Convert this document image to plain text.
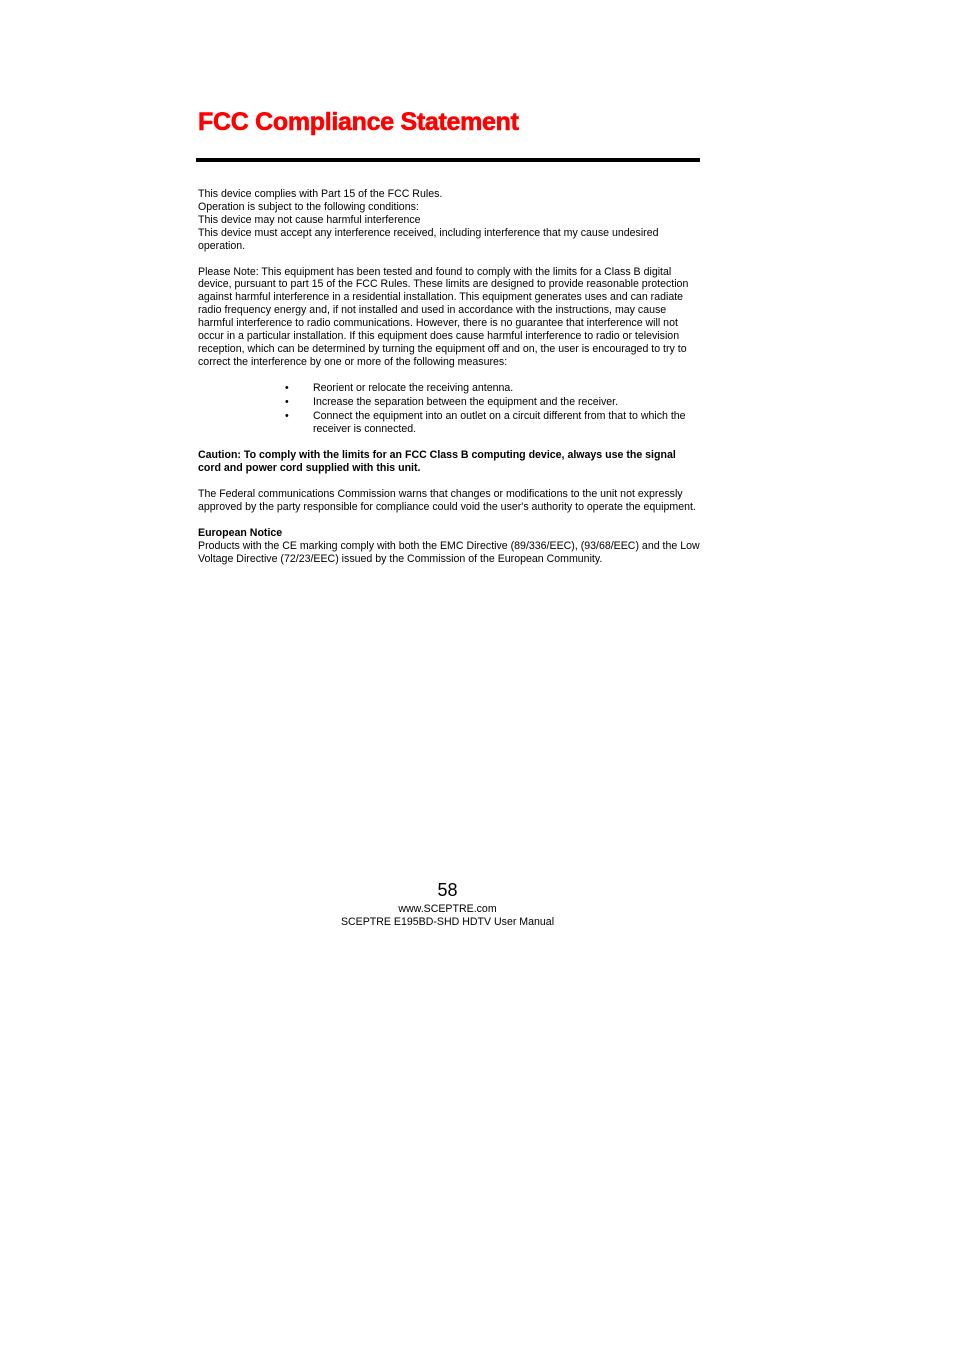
FCC Compliance Statement

This device complies with Part 15 of the FCC Rules.

Operation is subject to the following conditions:

This device may not cause harmful interference

This device must accept any interference received, including interference that my cause undesired operation.

Please Note: This equipment has been tested and found to comply with the limits for a Class B digital device, pursuant to part 15 of the FCC Rules. These limits are designed to provide reasonable protection against harmful interference in a residential installation. This equipment generates uses and can radiate radio frequency energy and, if not installed and used in accordance with the instructions, may cause harmful interference to radio communications. However, there is no guarantee that interference will not occur in a particular installation. If this equipment does cause harmful interference to radio or television reception, which can be determined by turning the equipment off and on, the user is encouraged to try to correct the interference by one or more of the following measures:

• Reorient or relocate the receiving antenna.
• Increase the separation between the equipment and the receiver.
• Connect the equipment into an outlet on a circuit different from that to which the receiver is connected.

Caution: To comply with the limits for an FCC Class B computing device, always use the signal cord and power cord supplied with this unit.

The Federal communications Commission warns that changes or modifications to the unit not expressly approved by the party responsible for compliance could void the user's authority to operate the equipment.

European Notice

Products with the CE marking comply with both the EMC Directive (89/336/EEC), (93/68/EEC) and the Low Voltage Directive (72/23/EEC) issued by the Commission of the European Community.

58
www.SCEPTRE.com
SCEPTRE E195BD-SHD HDTV User Manual
